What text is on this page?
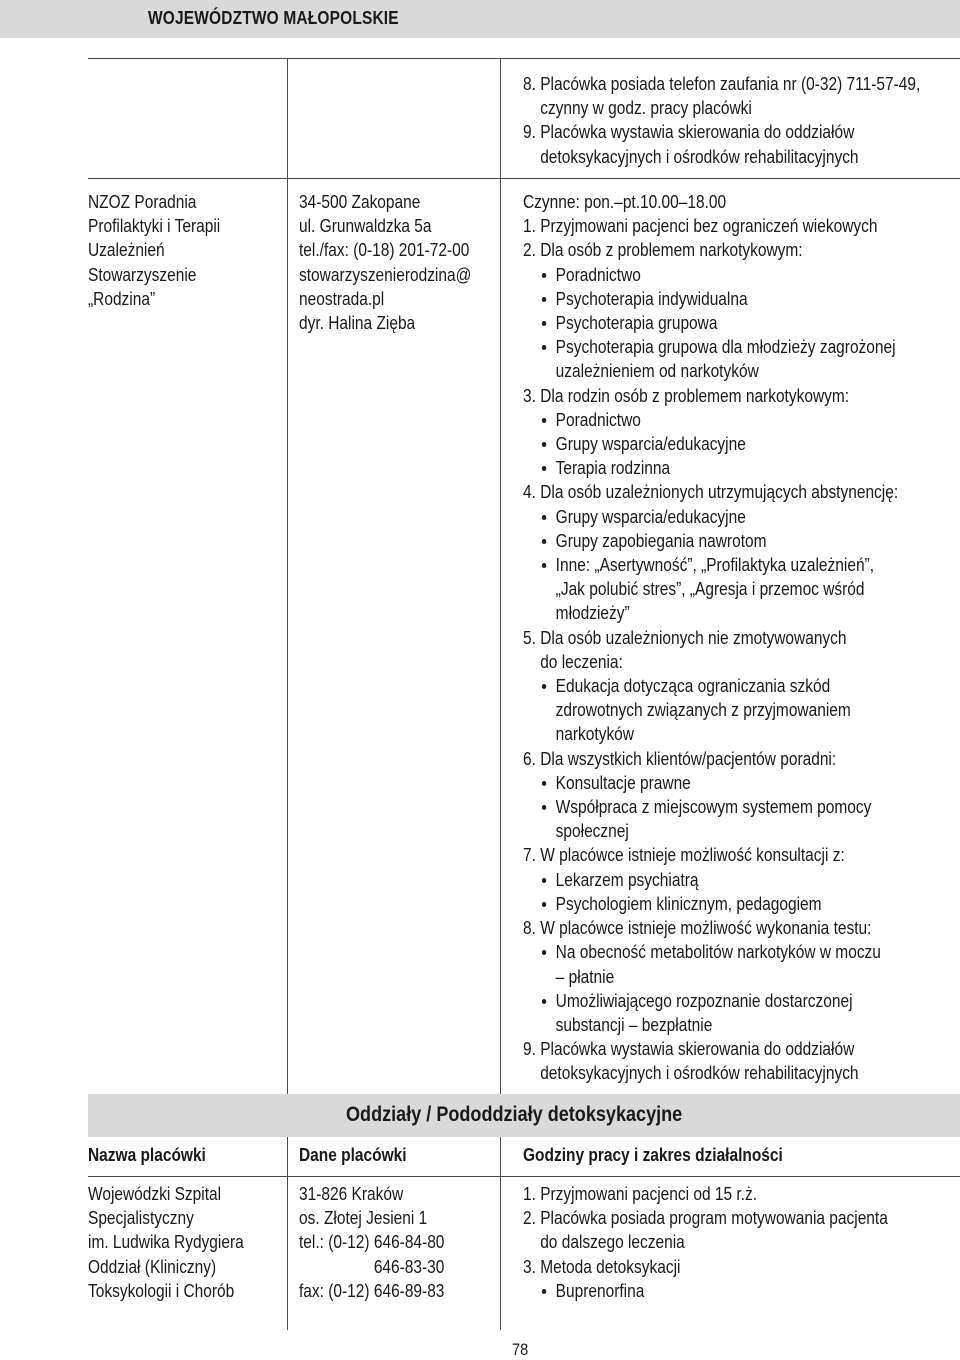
WOJEWÓDZTWO MAŁOPOLSKIE
8. Placówka posiada telefon zaufania nr (0-32) 711-57-49,
czynny w godz. pracy placówki
9. Placówka wystawia skierowania do oddziałów
detoksykacyjnych i ośrodków rehabilitacyjnych
NZOZ Poradnia
Profilaktyki i Terapii
Uzależnień
Stowarzyszenie
„Rodzina”
34-500 Zakopane
ul. Grunwaldzka 5a
tel./fax: (0-18) 201-72-00
stowarzyszenierodzina@
neostrada.pl
dyr. Halina Zięba
Czynne: pon.–pt.10.00–18.00
1. Przyjmowani pacjenci bez ograniczeń wiekowych
2. Dla osób z problemem narkotykowym:
Poradnictwo
Psychoterapia indywidualna
Psychoterapia grupowa
Psychoterapia grupowa dla młodzieży zagrożonej
uzależnieniem od narkotyków
3. Dla rodzin osób z problemem narkotykowym:
Poradnictwo
Grupy wsparcia/edukacyjne
Terapia rodzinna
4. Dla osób uzależnionych utrzymujących abstynencję:
Grupy wsparcia/edukacyjne
Grupy zapobiegania nawrotom
Inne: „Asertywność”, „Profilaktyka uzależnień”,
„Jak polubić stres”, „Agresja i przemoc wśród
młodzieży”
5. Dla osób uzależnionych nie zmotywowanych
do leczenia:
Edukacja dotycząca ograniczania szkód
zdrowotnych związanych z przyjmowaniem
narkotyków
6. Dla wszystkich klientów/pacjentów poradni:
Konsultacje prawne
Współpraca z miejscowym systemem pomocy
społecznej
7. W placówce istnieje możliwość konsultacji z:
Lekarzem psychiatrą
Psychologiem klinicznym, pedagogiem
8. W placówce istnieje możliwość wykonania testu:
Na obecność metabolitów narkotyków w moczu
– płatnie
Umożliwiającego rozpoznanie dostarczonej
substancji – bezpłatnie
9. Placówka wystawia skierowania do oddziałów
detoksykacyjnych i ośrodków rehabilitacyjnych
Oddziały / Pododdziały detoksykacyjne
Nazwa placówki	Dane placówki	Godziny pracy i zakres działalności
Wojewódzki Szpital
Specjalistyczny
im. Ludwika Rydygiera
Oddział (Kliniczny)
Toksykologii i Chorób
31-826 Kraków
os. Złotej Jesieni 1
tel.: (0-12) 646-84-80
646-83-30
fax: (0-12) 646-89-83
1. Przyjmowani pacjenci od 15 r.ż.
2. Placówka posiada program motywowania pacjenta
do dalszego leczenia
3. Metoda detoksykacji
Buprenorfina
78
